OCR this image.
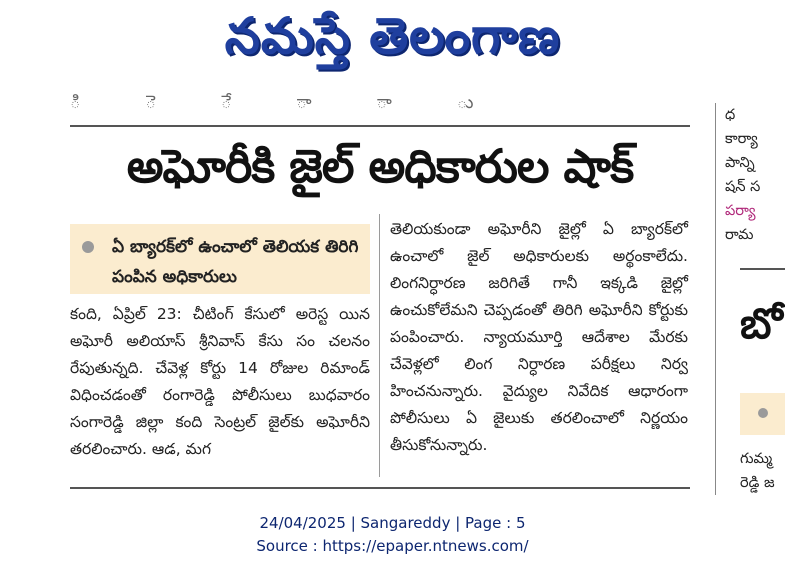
నమస్తే తెలంగాణ
ి ె ే ా ా ు
అఘోరీకి జైల్ అధికారుల షాక్
ఏ బ్యారక్‌లో ఉంచాలో తెలియక తిరిగి పంపిన అధికారులు

కంది, ఏప్రిల్ 23: చీటింగ్ కేసులో అరెస్ట యిన అఘోరీ అలియాస్ శ్రీనివాస్ కేసు సం చలనం రేపుతున్నది. చేవెళ్ల కోర్టు 14 రోజుల రిమాండ్ విధించడంతో రంగారెడ్డి పోలీసులు బుధవారం సంగారెడ్డి జిల్లా కంది సెంట్రల్ జైల్‌కు అఘోరీని తరలించారు. ఆడ, మగ

తెలియకుండా అఘోరీని జైల్లో ఏ బ్యారక్‌లో ఉంచాలో జైల్ అధికారులకు అర్థంకాలేదు. లింగనిర్ధారణ జరిగితే గానీ ఇక్కడి జైల్లో ఉంచుకోలేమని చెప్పడంతో తిరిగి అఘోరీని కోర్టుకు పంపించారు. న్యాయమూర్తి ఆదేశాల మేరకు చేవెళ్లలో లింగ నిర్ధారణ పరీక్షలు నిర్వ హించనున్నారు. వైద్యుల నివేదిక ఆధారంగా పోలీసులు ఏ జైలుకు తరలించాలో నిర్ణయం తీసుకోనున్నారు.

ధ
కార్యా
పాన్ని
షన్ స
పర్యా
రామ
బో
గుమ్మ
రెడ్డి జ
24/04/2025 | Sangareddy | Page : 5
Source : https://epaper.ntnews.com/
